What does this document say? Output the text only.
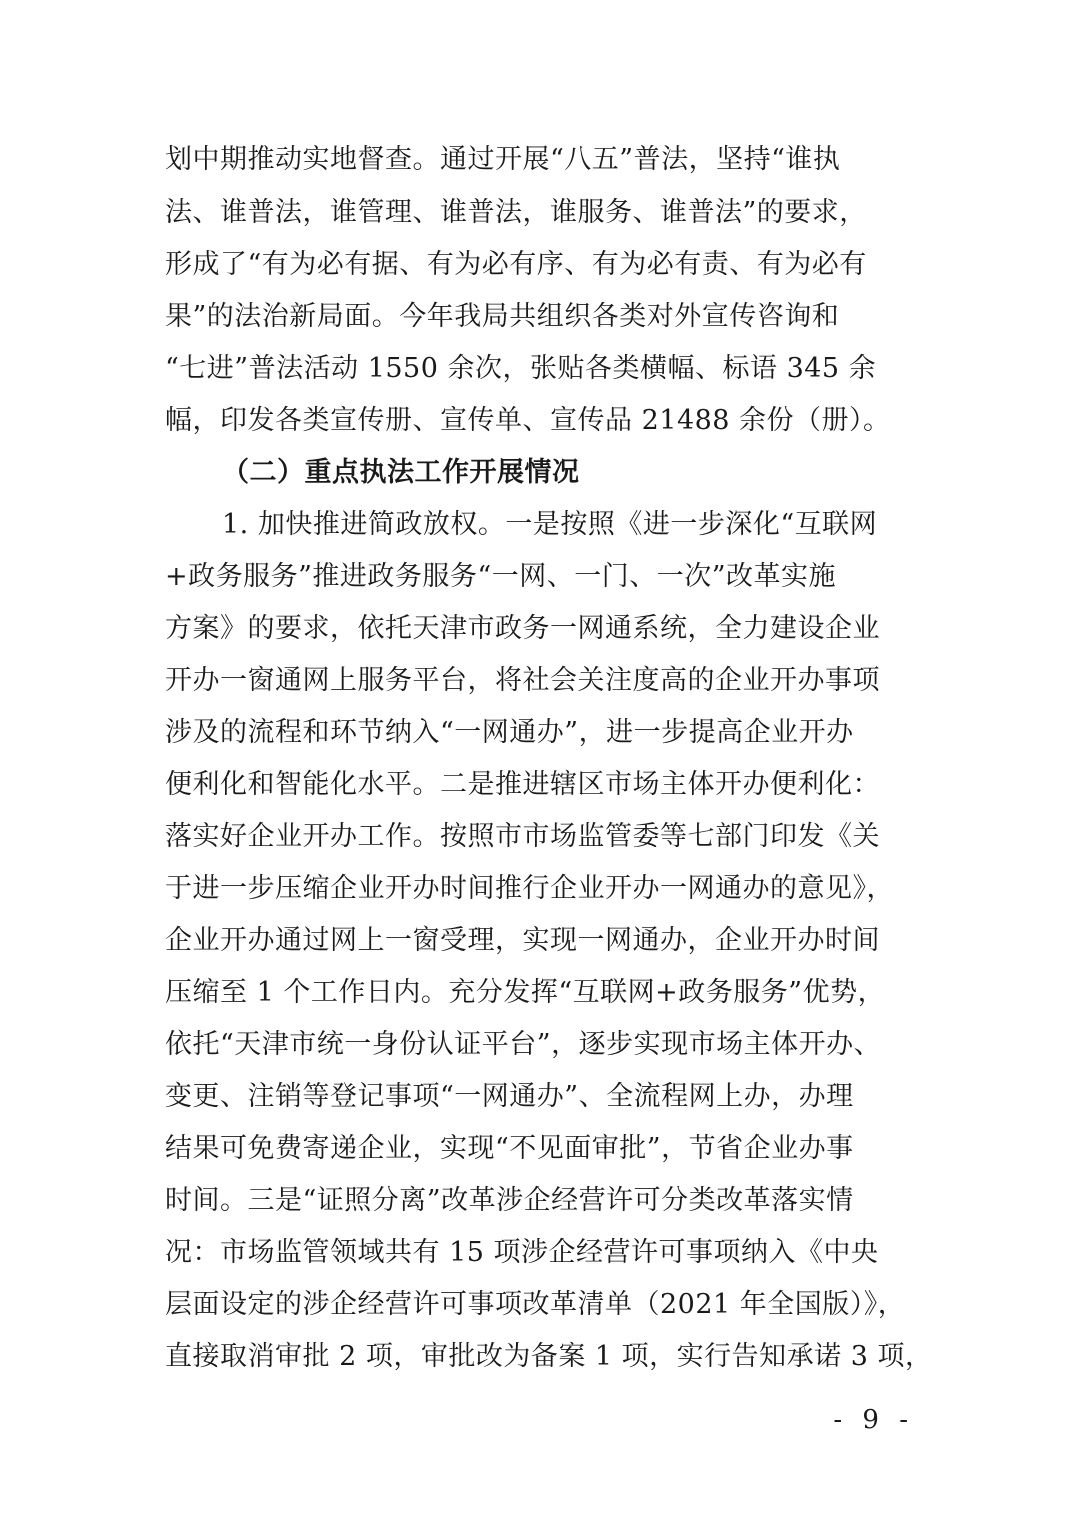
划中期推动实地督查。通过开展“八五”普法，坚持“谁执
法、谁普法，谁管理、谁普法，谁服务、谁普法”的要求，
形成了“有为必有据、有为必有序、有为必有责、有为必有
果”的法治新局面。今年我局共组织各类对外宣传咨询和
“七进”普法活动 1550 余次，张贴各类横幅、标语 345 余
幅，印发各类宣传册、宣传单、宣传品 21488 余份（册）。
（二）重点执法工作开展情况
1. 加快推进简政放权。一是按照《进一步深化“互联网
+政务服务”推进政务服务“一网、一门、一次”改革实施
方案》的要求，依托天津市政务一网通系统，全力建设企业
开办一窗通网上服务平台，将社会关注度高的企业开办事项
涉及的流程和环节纳入“一网通办”，进一步提高企业开办
便利化和智能化水平。二是推进辖区市场主体开办便利化：
落实好企业开办工作。按照市市场监管委等七部门印发《关
于进一步压缩企业开办时间推行企业开办一网通办的意见》，
企业开办通过网上一窗受理，实现一网通办，企业开办时间
压缩至 1 个工作日内。充分发挥“互联网+政务服务”优势，
依托“天津市统一身份认证平台”，逐步实现市场主体开办、
变更、注销等登记事项“一网通办”、全流程网上办，办理
结果可免费寄递企业，实现“不见面审批”，节省企业办事
时间。三是“证照分离”改革涉企经营许可分类改革落实情
况：市场监管领域共有 15 项涉企经营许可事项纳入《中央
层面设定的涉企经营许可事项改革清单（2021 年全国版）》，
直接取消审批 2 项，审批改为备案 1 项，实行告知承诺 3 项，
- 9 -
